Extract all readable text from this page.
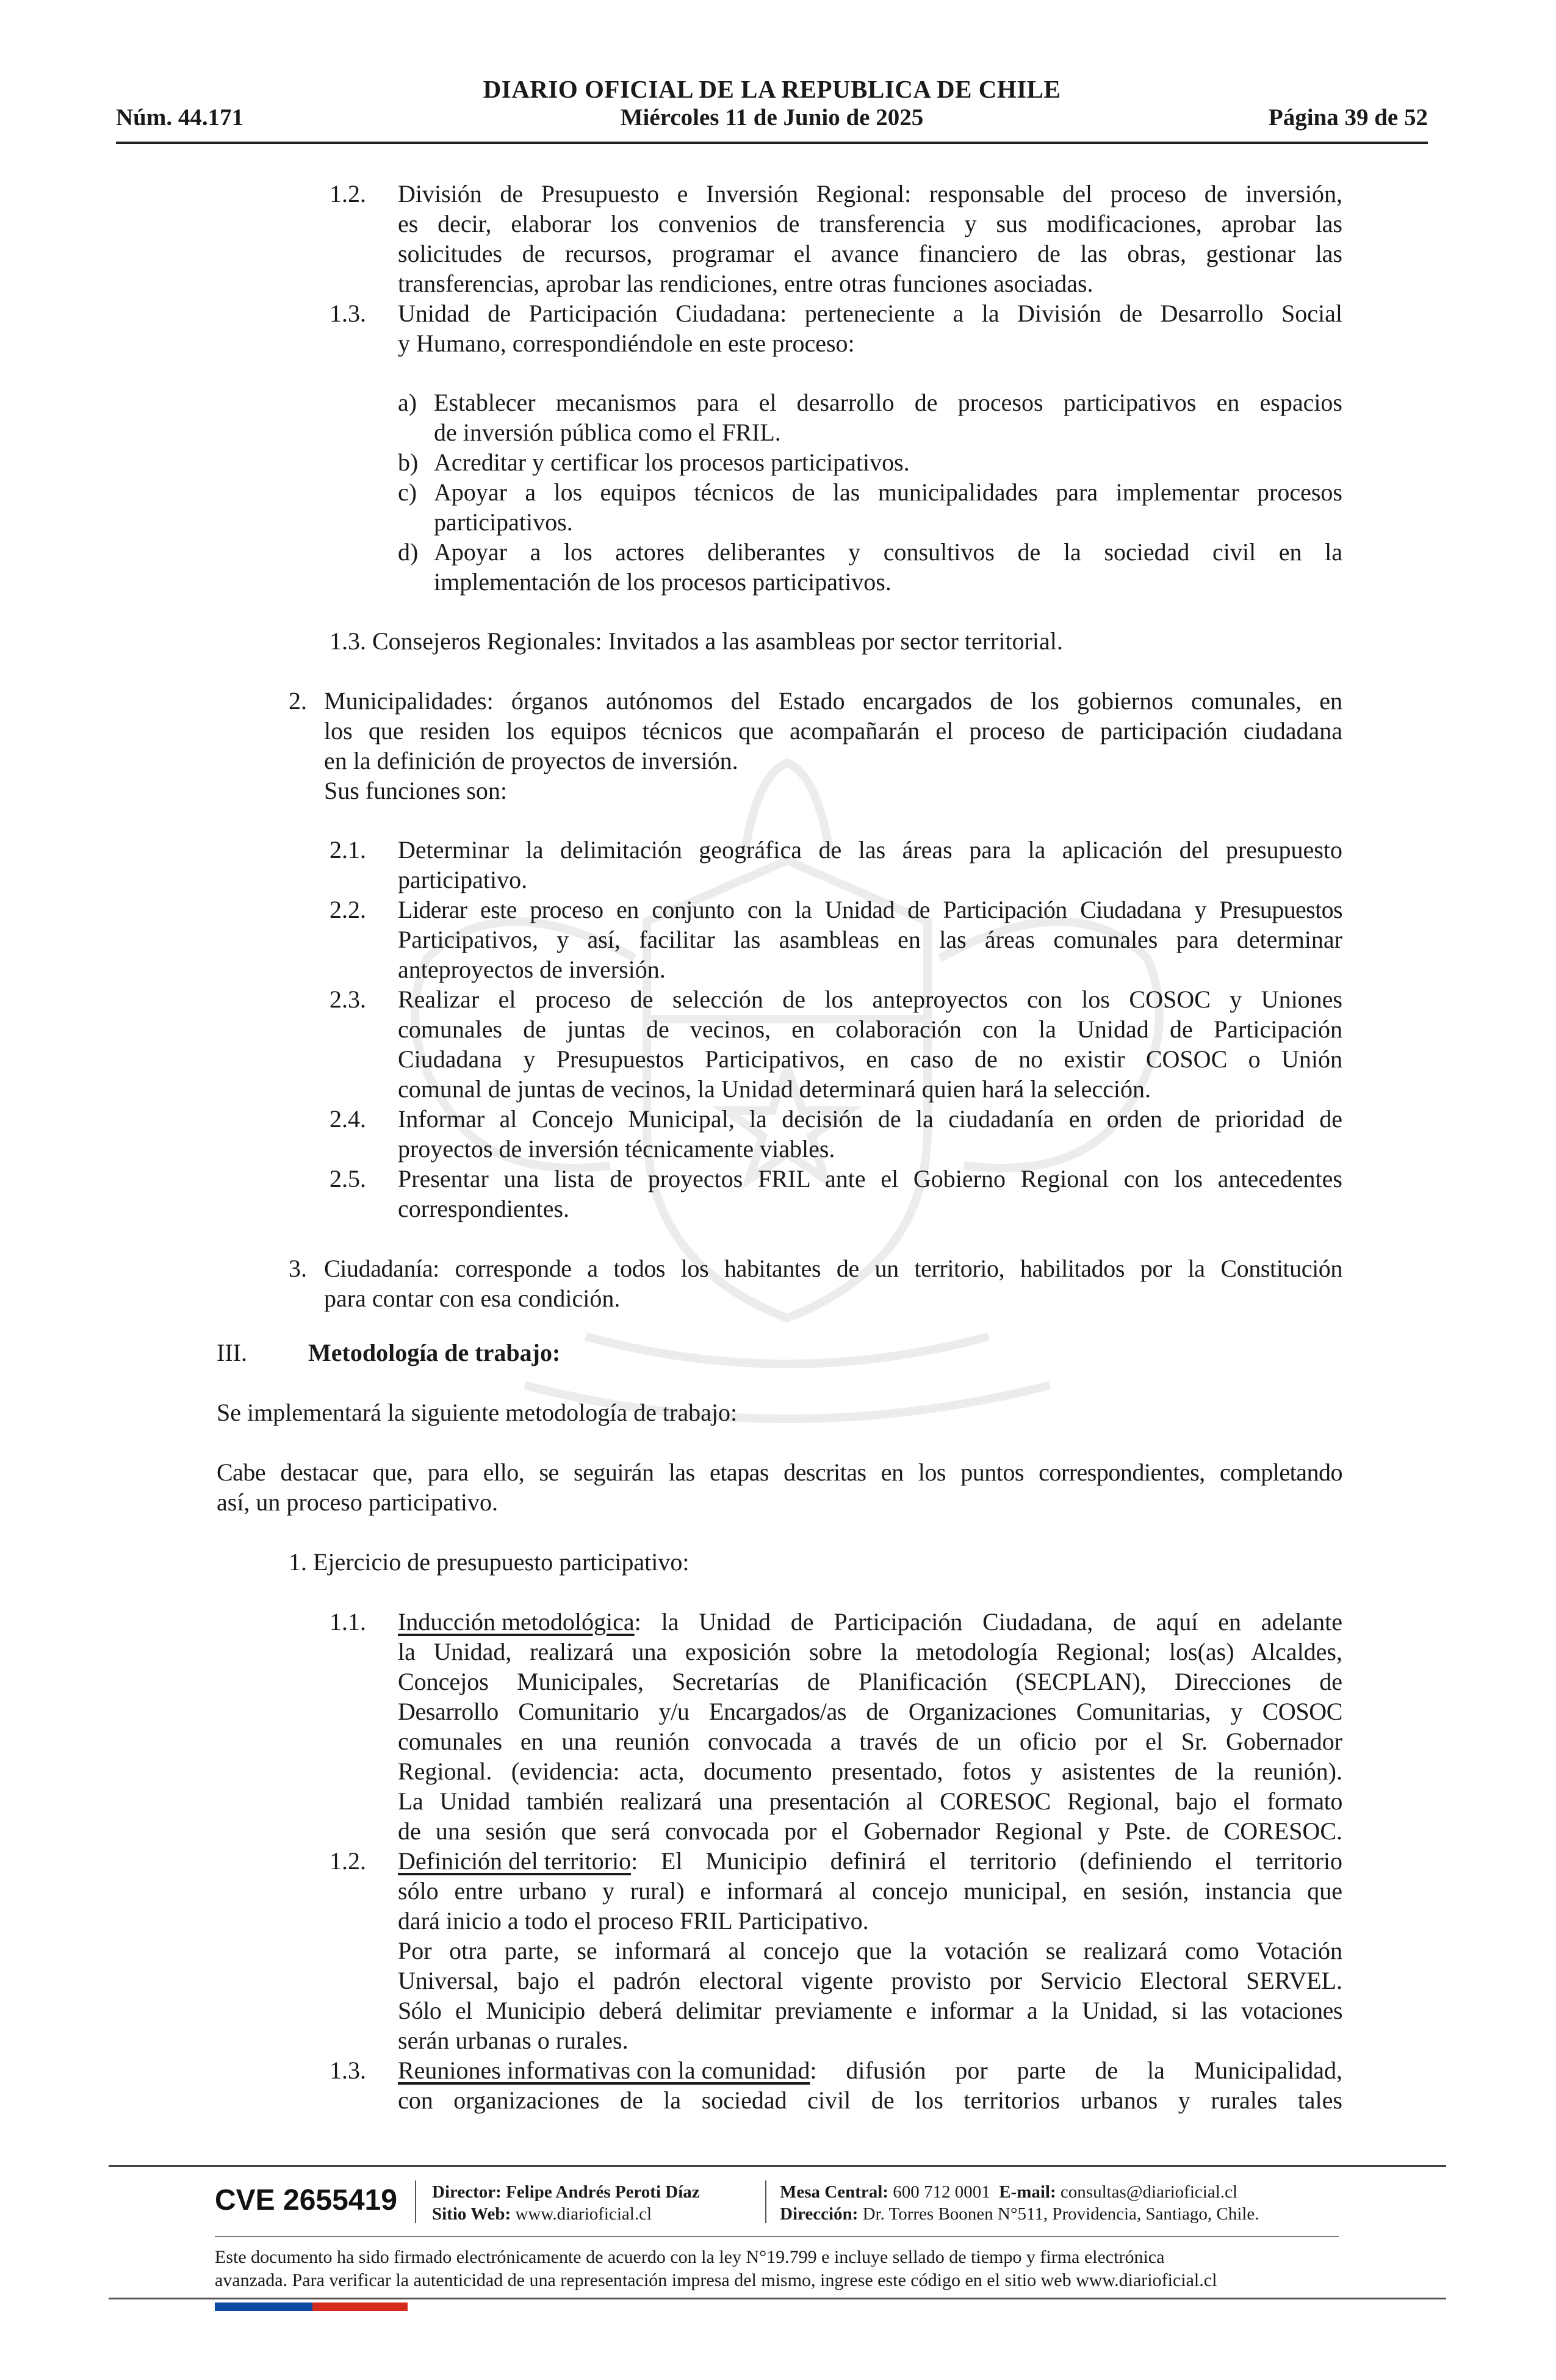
DIARIO OFICIAL DE LA REPUBLICA DE CHILE
Núm. 44.171	Miércoles 11 de Junio de 2025	Página 39 de 52
1.2. División de Presupuesto e Inversión Regional: responsable del proceso de inversión,
es decir, elaborar los convenios de transferencia y sus modificaciones, aprobar las
solicitudes de recursos, programar el avance financiero de las obras, gestionar las
transferencias, aprobar las rendiciones, entre otras funciones asociadas.
1.3. Unidad de Participación Ciudadana: perteneciente a la División de Desarrollo Social
y Humano, correspondiéndole en este proceso:
a) Establecer mecanismos para el desarrollo de procesos participativos en espacios
de inversión pública como el FRIL.
b) Acreditar y certificar los procesos participativos.
c) Apoyar a los equipos técnicos de las municipalidades para implementar procesos
participativos.
d) Apoyar a los actores deliberantes y consultivos de la sociedad civil en la
implementación de los procesos participativos.
1.3. Consejeros Regionales: Invitados a las asambleas por sector territorial.
2. Municipalidades: órganos autónomos del Estado encargados de los gobiernos comunales, en
los que residen los equipos técnicos que acompañarán el proceso de participación ciudadana
en la definición de proyectos de inversión.
Sus funciones son:
2.1. Determinar la delimitación geográfica de las áreas para la aplicación del presupuesto
participativo.
2.2. Liderar este proceso en conjunto con la Unidad de Participación Ciudadana y Presupuestos
Participativos, y así, facilitar las asambleas en las áreas comunales para determinar
anteproyectos de inversión.
2.3. Realizar el proceso de selección de los anteproyectos con los COSOC y Uniones
comunales de juntas de vecinos, en colaboración con la Unidad de Participación
Ciudadana y Presupuestos Participativos, en caso de no existir COSOC o Unión
comunal de juntas de vecinos, la Unidad determinará quien hará la selección.
2.4. Informar al Concejo Municipal, la decisión de la ciudadanía en orden de prioridad de
proyectos de inversión técnicamente viables.
2.5. Presentar una lista de proyectos FRIL ante el Gobierno Regional con los antecedentes
correspondientes.
3. Ciudadanía: corresponde a todos los habitantes de un territorio, habilitados por la Constitución
para contar con esa condición.
III.	Metodología de trabajo:
Se implementará la siguiente metodología de trabajo:
Cabe destacar que, para ello, se seguirán las etapas descritas en los puntos correspondientes, completando
así, un proceso participativo.
1. Ejercicio de presupuesto participativo:
1.1. Inducción metodológica : la Unidad de Participación Ciudadana, de aquí en adelante
la Unidad, realizará una exposición sobre la metodología Regional; los(as) Alcaldes,
Concejos Municipales, Secretarías de Planificación (SECPLAN), Direcciones de
Desarrollo Comunitario y/u Encargados/as de Organizaciones Comunitarias, y COSOC
comunales en una reunión convocada a través de un oficio por el Sr. Gobernador
Regional. (evidencia: acta, documento presentado, fotos y asistentes de la reunión).
La Unidad también realizará una presentación al CORESOC Regional, bajo el formato
de una sesión que será convocada por el Gobernador Regional y Pste. de CORESOC.
1.2. Definición del territorio : El Municipio definirá el territorio (definiendo el territorio
sólo entre urbano y rural) e informará al concejo municipal, en sesión, instancia que
dará inicio a todo el proceso FRIL Participativo.
Por otra parte, se informará al concejo que la votación se realizará como Votación
Universal, bajo el padrón electoral vigente provisto por Servicio Electoral SERVEL.
Sólo el Municipio deberá delimitar previamente e informar a la Unidad, si las votaciones
serán urbanas o rurales.
1.3. Reuniones informativas con la comunidad : difusión por parte de la Municipalidad,
con organizaciones de la sociedad civil de los territorios urbanos y rurales tales
CVE 2655419 Director: Felipe Andrés Peroti Díaz
Sitio Web: www.diarioficial.cl
Mesa Central: 600 712 0001 E-mail: consultas@diarioficial.cl
Dirección: Dr. Torres Boonen N°511, Providencia, Santiago, Chile.
Este documento ha sido firmado electrónicamente de acuerdo con la ley N°19.799 e incluye sellado de tiempo y firma electrónica
avanzada. Para verificar la autenticidad de una representación impresa del mismo, ingrese este código en el sitio web www.diarioficial.cl
